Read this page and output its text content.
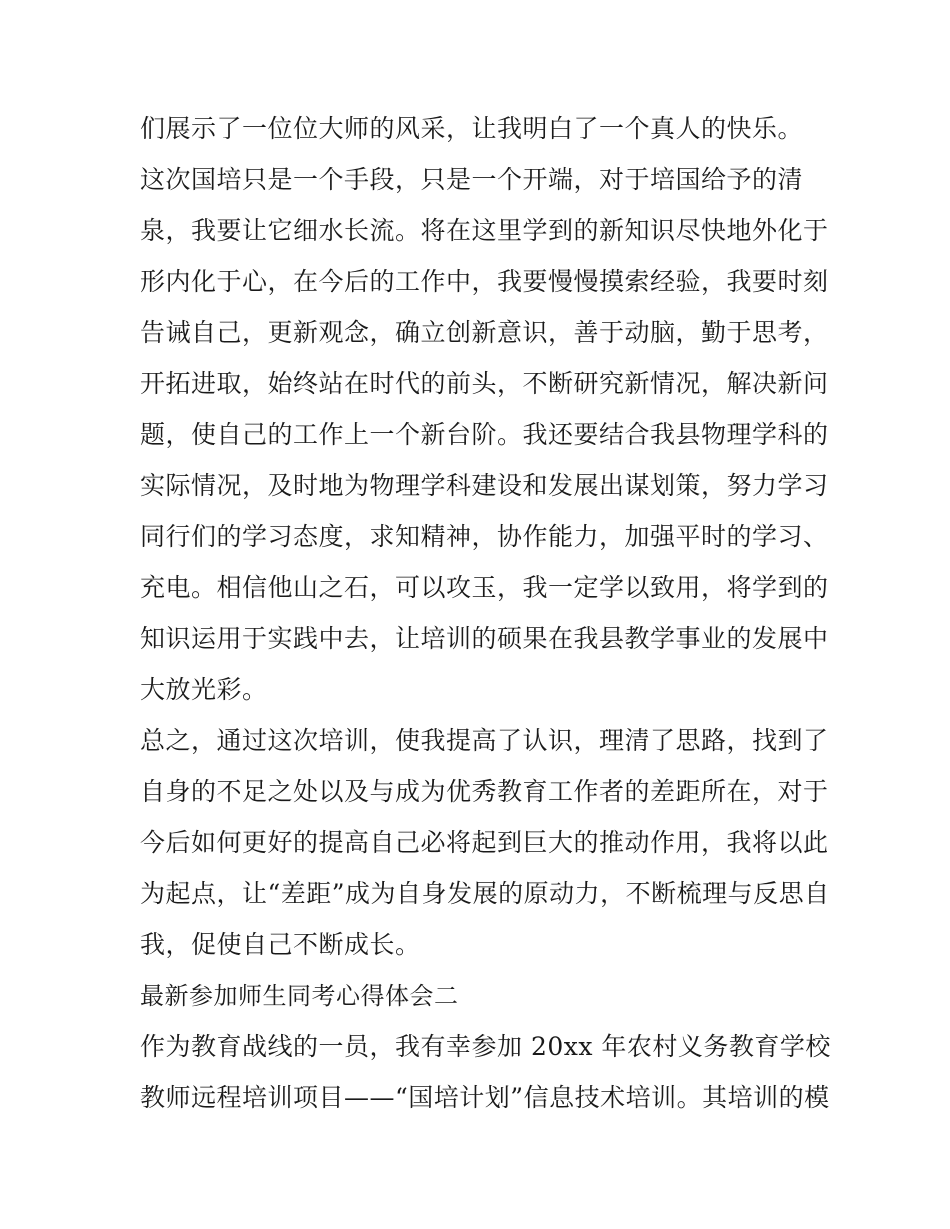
们展示了一位位大师的风采，让我明白了一个真人的快乐。

这次国培只是一个手段，只是一个开端，对于培国给予的清

泉，我要让它细水长流。将在这里学到的新知识尽快地外化于

形内化于心，在今后的工作中，我要慢慢摸索经验，我要时刻

告诫自己，更新观念，确立创新意识，善于动脑，勤于思考，

开拓进取，始终站在时代的前头，不断研究新情况，解决新问

题，使自己的工作上一个新台阶。我还要结合我县物理学科的

实际情况，及时地为物理学科建设和发展出谋划策，努力学习

同行们的学习态度，求知精神，协作能力，加强平时的学习、

充电。相信他山之石，可以攻玉，我一定学以致用，将学到的

知识运用于实践中去，让培训的硕果在我县教学事业的发展中

大放光彩。

总之，通过这次培训，使我提高了认识，理清了思路，找到了

自身的不足之处以及与成为优秀教育工作者的差距所在，对于

今后如何更好的提高自己必将起到巨大的推动作用，我将以此

为起点，让“差距”成为自身发展的原动力，不断梳理与反思自

我，促使自己不断成长。

最新参加师生同考心得体会二

作为教育战线的一员，我有幸参加 20xx 年农村义务教育学校

教师远程培训项目——“国培计划”信息技术培训。其培训的模
